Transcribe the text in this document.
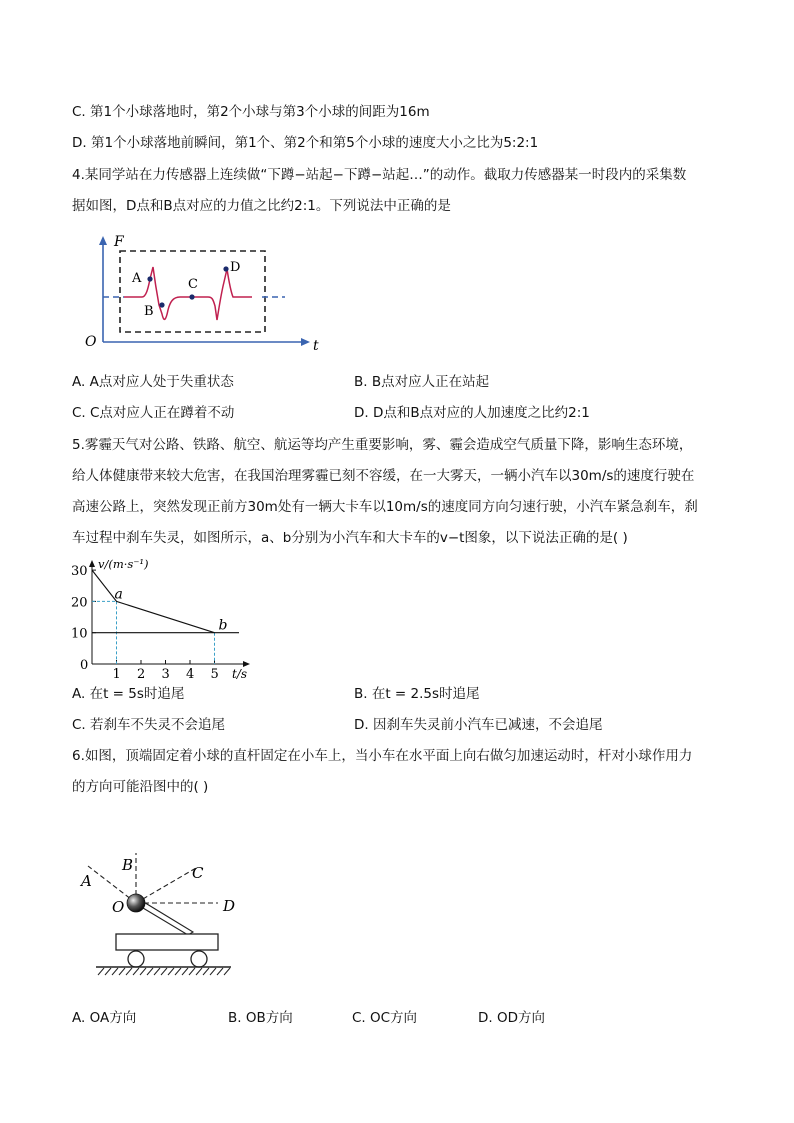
C. 第1个小球落地时，第2个小球与第3个小球的间距为16m
D. 第1个小球落地前瞬间，第1个、第2个和第5个小球的速度大小之比为5:2:1
4.某同学站在力传感器上连续做“下蹲−站起−下蹲−站起…”的动作。截取力传感器某一时段内的采集数
据如图，D点和B点对应的力值之比约2:1。下列说法中正确的是
F
t
O
A
B
C
D
A. A点对应人处于失重状态	B. B点对应人正在站起
C. C点对应人正在蹲着不动	D. D点和B点对应的人加速度之比约2:1
5.雾霾天气对公路、铁路、航空、航运等均产生重要影响，雾、霾会造成空气质量下降，影响生态环境，
给人体健康带来较大危害，在我国治理雾霾已刻不容缓，在一大雾天，一辆小汽车以30m/s的速度行驶在
高速公路上，突然发现正前方30m处有一辆大卡车以10m/s的速度同方向匀速行驶，小汽车紧急刹车，刹
车过程中刹车失灵，如图所示，a、b分别为小汽车和大卡车的v−t图象，以下说法正确的是( )
1 2 3 4 5
0
10
20
30
a
b
v/(m·s⁻¹)
t/s
A. 在t = 5s时追尾	B. 在t = 2.5s时追尾
C. 若刹车不失灵不会追尾	D. 因刹车失灵前小汽车已减速，不会追尾
6.如图，顶端固定着小球的直杆固定在小车上，当小车在水平面上向右做匀加速运动时，杆对小球作用力
的方向可能沿图中的( )
A
B	C
D
O
A. OA方向	B. OB方向	C. OC方向	D. OD方向
